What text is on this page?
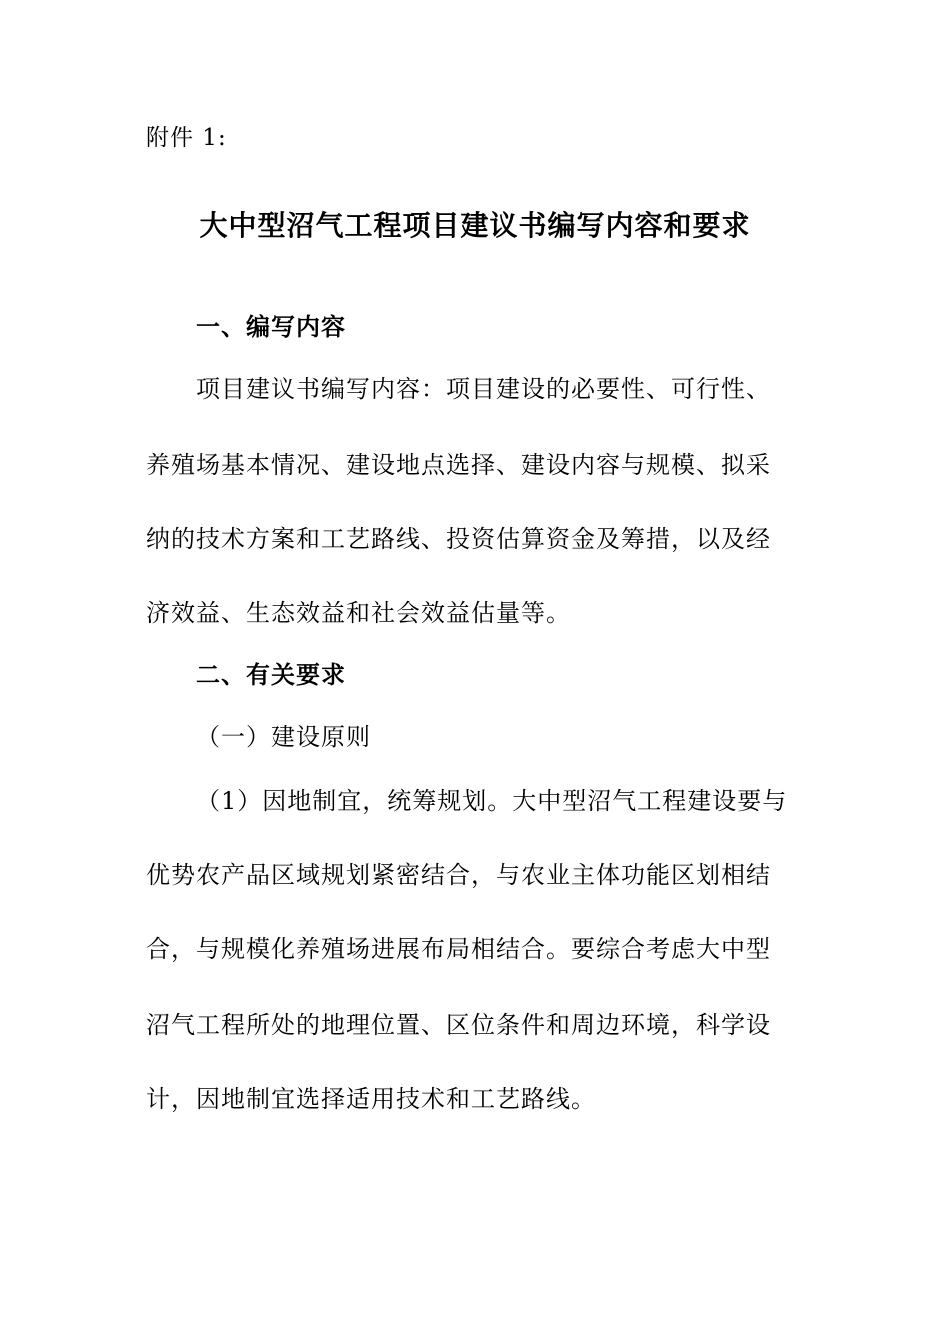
附件 1:
大中型沼气工程项目建议书编写内容和要求
一、编写内容
项目建议书编写内容：项目建设的必要性、可行性、
养殖场基本情况、建设地点选择、建设内容与规模、拟采
纳的技术方案和工艺路线、投资估算资金及筹措，以及经
济效益、生态效益和社会效益估量等。
二、有关要求
（一）建设原则
（1）因地制宜，统筹规划。大中型沼气工程建设要与
优势农产品区域规划紧密结合，与农业主体功能区划相结
合，与规模化养殖场进展布局相结合。要综合考虑大中型
沼气工程所处的地理位置、区位条件和周边环境，科学设
计，因地制宜选择适用技术和工艺路线。
